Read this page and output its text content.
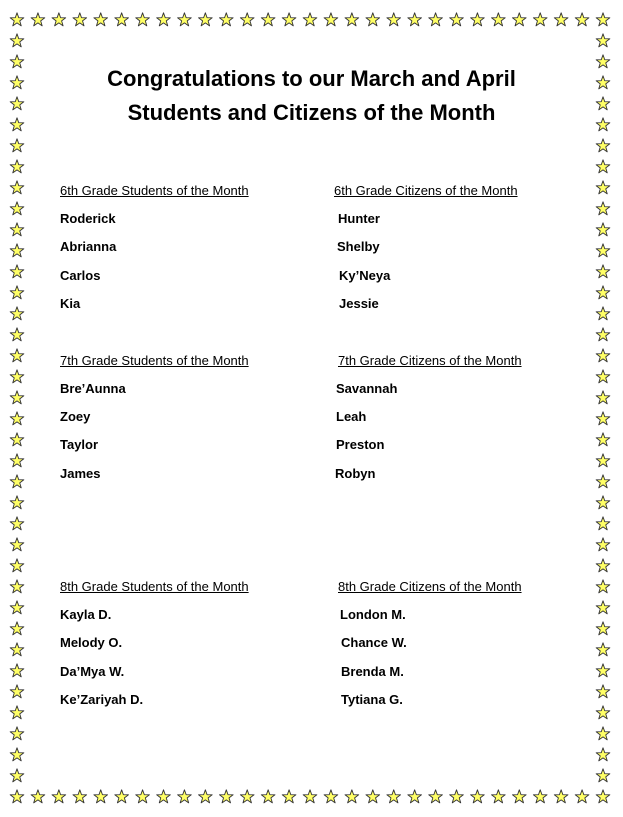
Congratulations to our March and April
Students and Citizens of the Month
6th Grade Students of the Month
Roderick
Abrianna
Carlos
Kia
6th Grade Citizens of the Month
Hunter
Shelby
Ky’Neya
Jessie
7th Grade Students of the Month
Bre’Aunna
Zoey
Taylor
James
7th Grade Citizens of the Month
Savannah
Leah
Preston
Robyn
8th Grade Students of the Month
Kayla D.
Melody O.
Da’Mya W.
Ke’Zariyah D.
8th Grade Citizens of the Month
London M.
Chance W.
Brenda M.
Tytiana G.
